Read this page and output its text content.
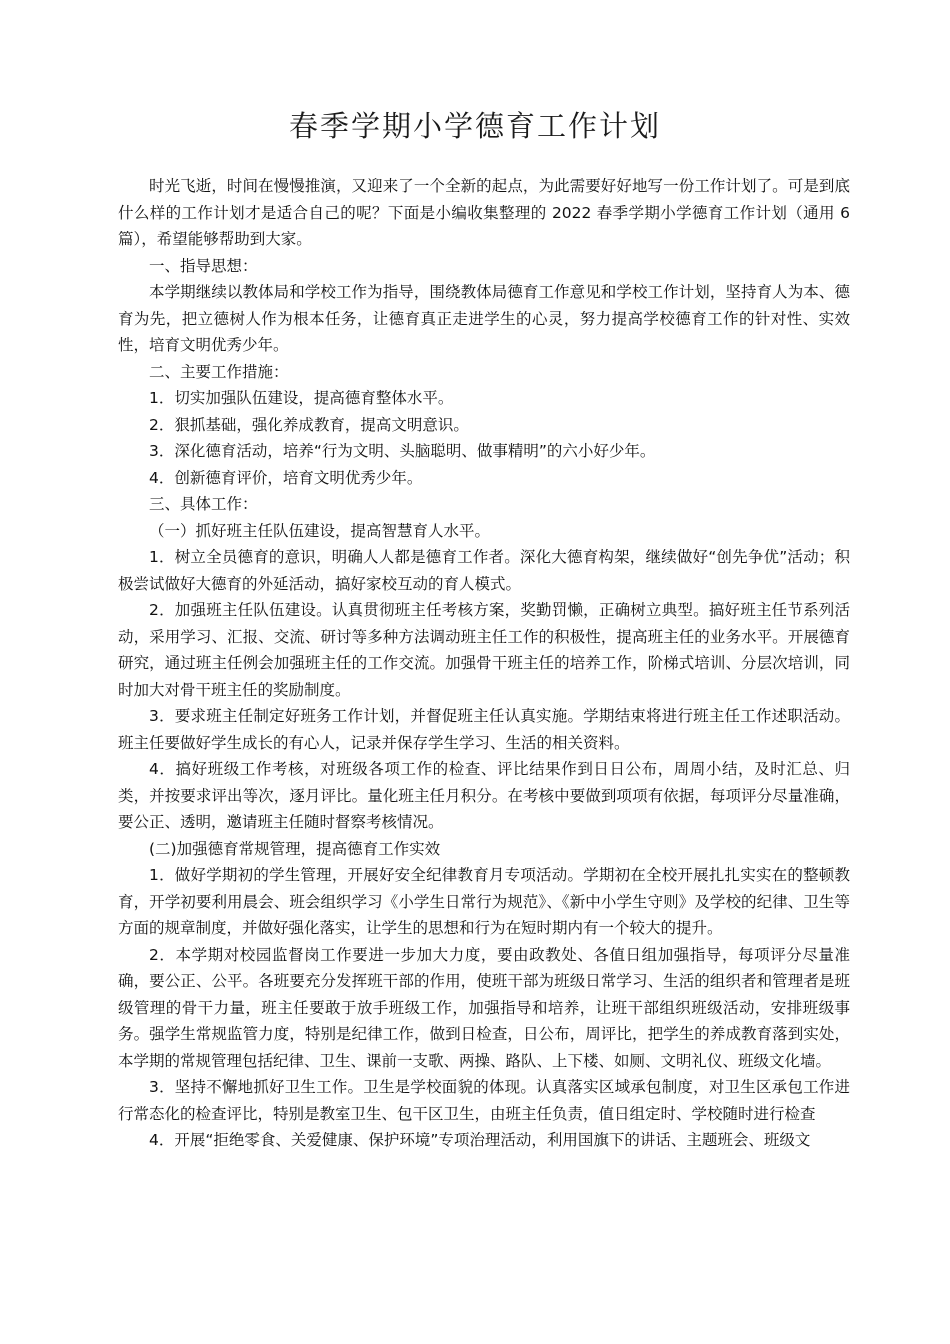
春季学期小学德育工作计划

时光飞逝，时间在慢慢推演，又迎来了一个全新的起点，为此需要好好地写一份工作计划了。可是到底什么样的工作计划才是适合自己的呢？下面是小编收集整理的 2022 春季学期小学德育工作计划（通用 6 篇），希望能够帮助到大家。

一、指导思想：

本学期继续以教体局和学校工作为指导，围绕教体局德育工作意见和学校工作计划，坚持育人为本、德育为先，把立德树人作为根本任务，让德育真正走进学生的心灵，努力提高学校德育工作的针对性、实效性，培育文明优秀少年。

二、主要工作措施：

1．切实加强队伍建设，提高德育整体水平。

2．狠抓基础，强化养成教育，提高文明意识。

3．深化德育活动，培养“行为文明、头脑聪明、做事精明”的六小好少年。

4．创新德育评价，培育文明优秀少年。

三、具体工作：

（一）抓好班主任队伍建设，提高智慧育人水平。

1．树立全员德育的意识，明确人人都是德育工作者。深化大德育构架，继续做好“创先争优”活动；积极尝试做好大德育的外延活动，搞好家校互动的育人模式。

2．加强班主任队伍建设。认真贯彻班主任考核方案，奖勤罚懒，正确树立典型。搞好班主任节系列活动，采用学习、汇报、交流、研讨等多种方法调动班主任工作的积极性，提高班主任的业务水平。开展德育研究，通过班主任例会加强班主任的工作交流。加强骨干班主任的培养工作，阶梯式培训、分层次培训，同时加大对骨干班主任的奖励制度。

3．要求班主任制定好班务工作计划，并督促班主任认真实施。学期结束将进行班主任工作述职活动。班主任要做好学生成长的有心人，记录并保存学生学习、生活的相关资料。

4．搞好班级工作考核，对班级各项工作的检查、评比结果作到日日公布，周周小结，及时汇总、归类，并按要求评出等次，逐月评比。量化班主任月积分。在考核中要做到项项有依据，每项评分尽量准确，要公正、透明，邀请班主任随时督察考核情况。

(二)加强德育常规管理，提高德育工作实效

1．做好学期初的学生管理，开展好安全纪律教育月专项活动。学期初在全校开展扎扎实实在的整顿教育，开学初要利用晨会、班会组织学习《小学生日常行为规范》、《新中小学生守则》及学校的纪律、卫生等方面的规章制度，并做好强化落实，让学生的思想和行为在短时期内有一个较大的提升。

2．本学期对校园监督岗工作要进一步加大力度，要由政教处、各值日组加强指导，每项评分尽量准确，要公正、公平。各班要充分发挥班干部的作用，使班干部为班级日常学习、生活的组织者和管理者是班级管理的骨干力量，班主任要敢于放手班级工作，加强指导和培养，让班干部组织班级活动，安排班级事务。强学生常规监管力度，特别是纪律工作，做到日检查，日公布，周评比，把学生的养成教育落到实处，本学期的常规管理包括纪律、卫生、课前一支歌、两操、路队、上下楼、如厕、文明礼仪、班级文化墙。

3．坚持不懈地抓好卫生工作。卫生是学校面貌的体现。认真落实区域承包制度，对卫生区承包工作进行常态化的检查评比，特别是教室卫生、包干区卫生，由班主任负责，值日组定时、学校随时进行检查

4．开展“拒绝零食、关爱健康、保护环境”专项治理活动，利用国旗下的讲话、主题班会、班级文
